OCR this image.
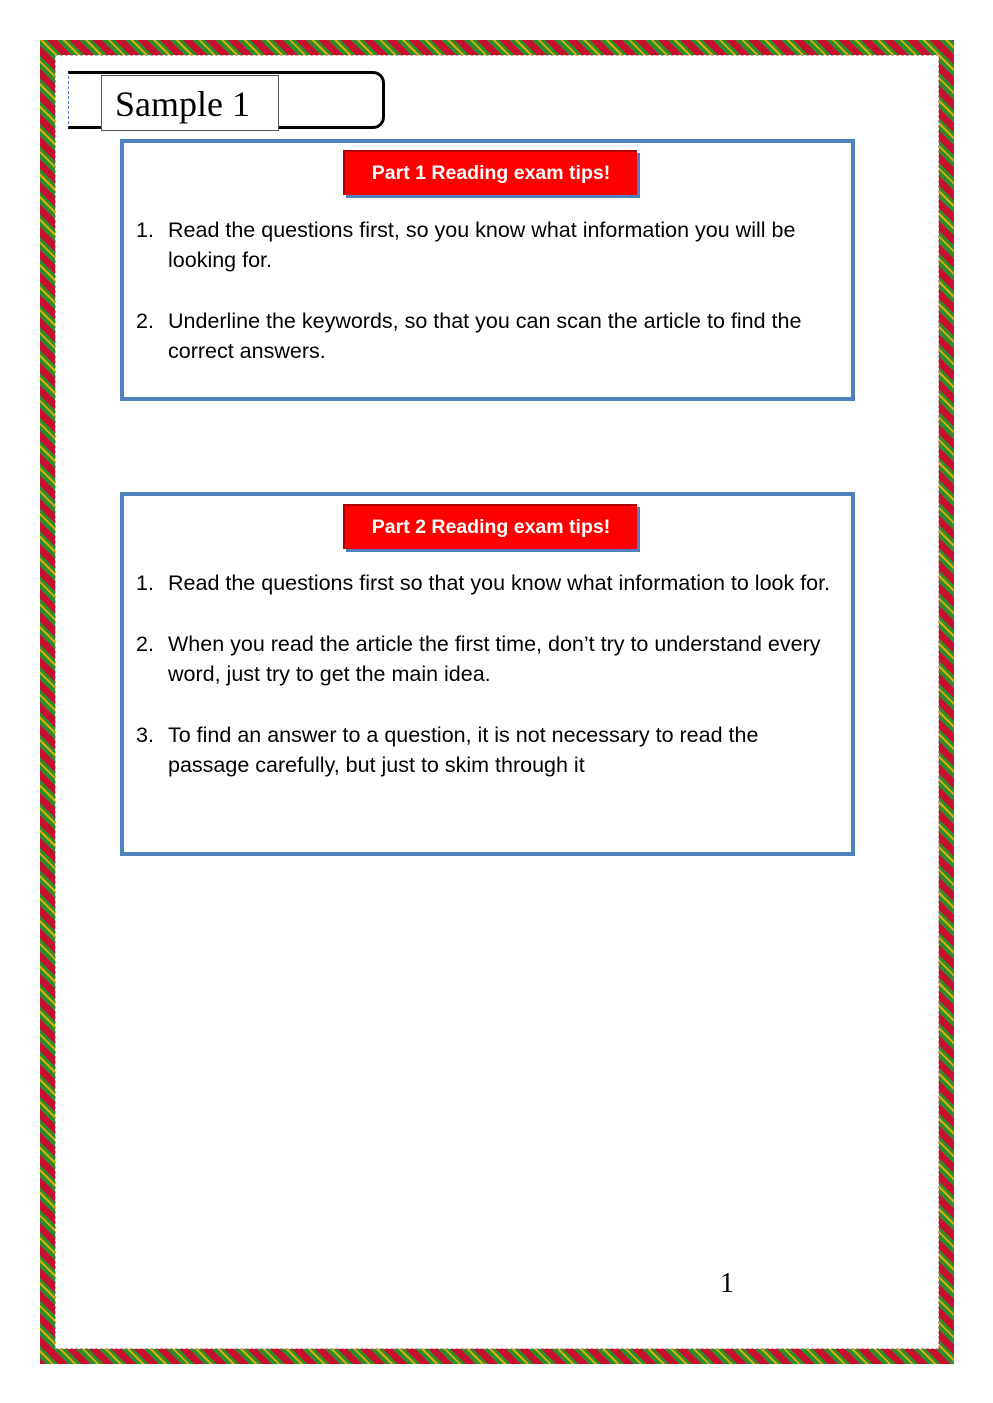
Sample 1
Part 1 Reading exam tips!
1. Read the questions first, so you know what information you will be looking for.
2. Underline the keywords, so that you can scan the article to find the correct answers.
Part 2 Reading exam tips!
1. Read the questions first so that you know what information to look for.
2. When you read the article the first time, don’t try to understand every word, just try to get the main idea.
3. To find an answer to a question, it is not necessary to read the passage carefully, but just to skim through it
1
